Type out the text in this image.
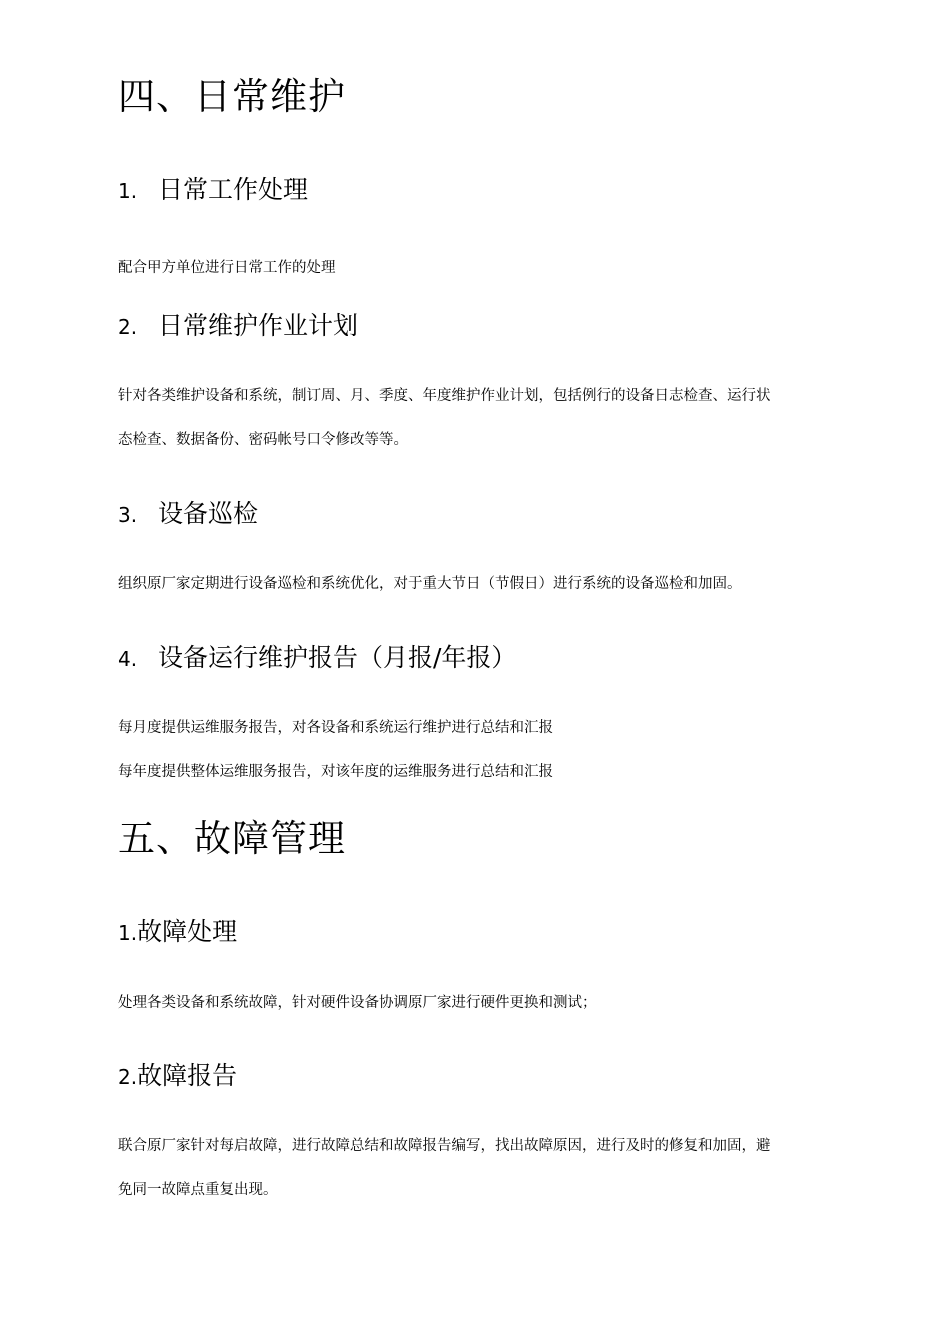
四、日常维护
1. 日常工作处理

配合甲方单位进行日常工作的处理

2. 日常维护作业计划

针对各类维护设备和系统，制订周、月、季度、年度维护作业计划，包括例行的设备日志检查、运行状

态检查、数据备份、密码帐号口令修改等等。

3. 设备巡检

组织原厂家定期进行设备巡检和系统优化，对于重大节日（节假日）进行系统的设备巡检和加固。

4. 设备运行维护报告（月报/年报）

每月度提供运维服务报告，对各设备和系统运行维护进行总结和汇报

每年度提供整体运维服务报告，对该年度的运维服务进行总结和汇报

五、故障管理
1.故障处理

处理各类设备和系统故障，针对硬件设备协调原厂家进行硬件更换和测试；

2.故障报告

联合原厂家针对每启故障，进行故障总结和故障报告编写，找出故障原因，进行及时的修复和加固，避

免同一故障点重复出现。
